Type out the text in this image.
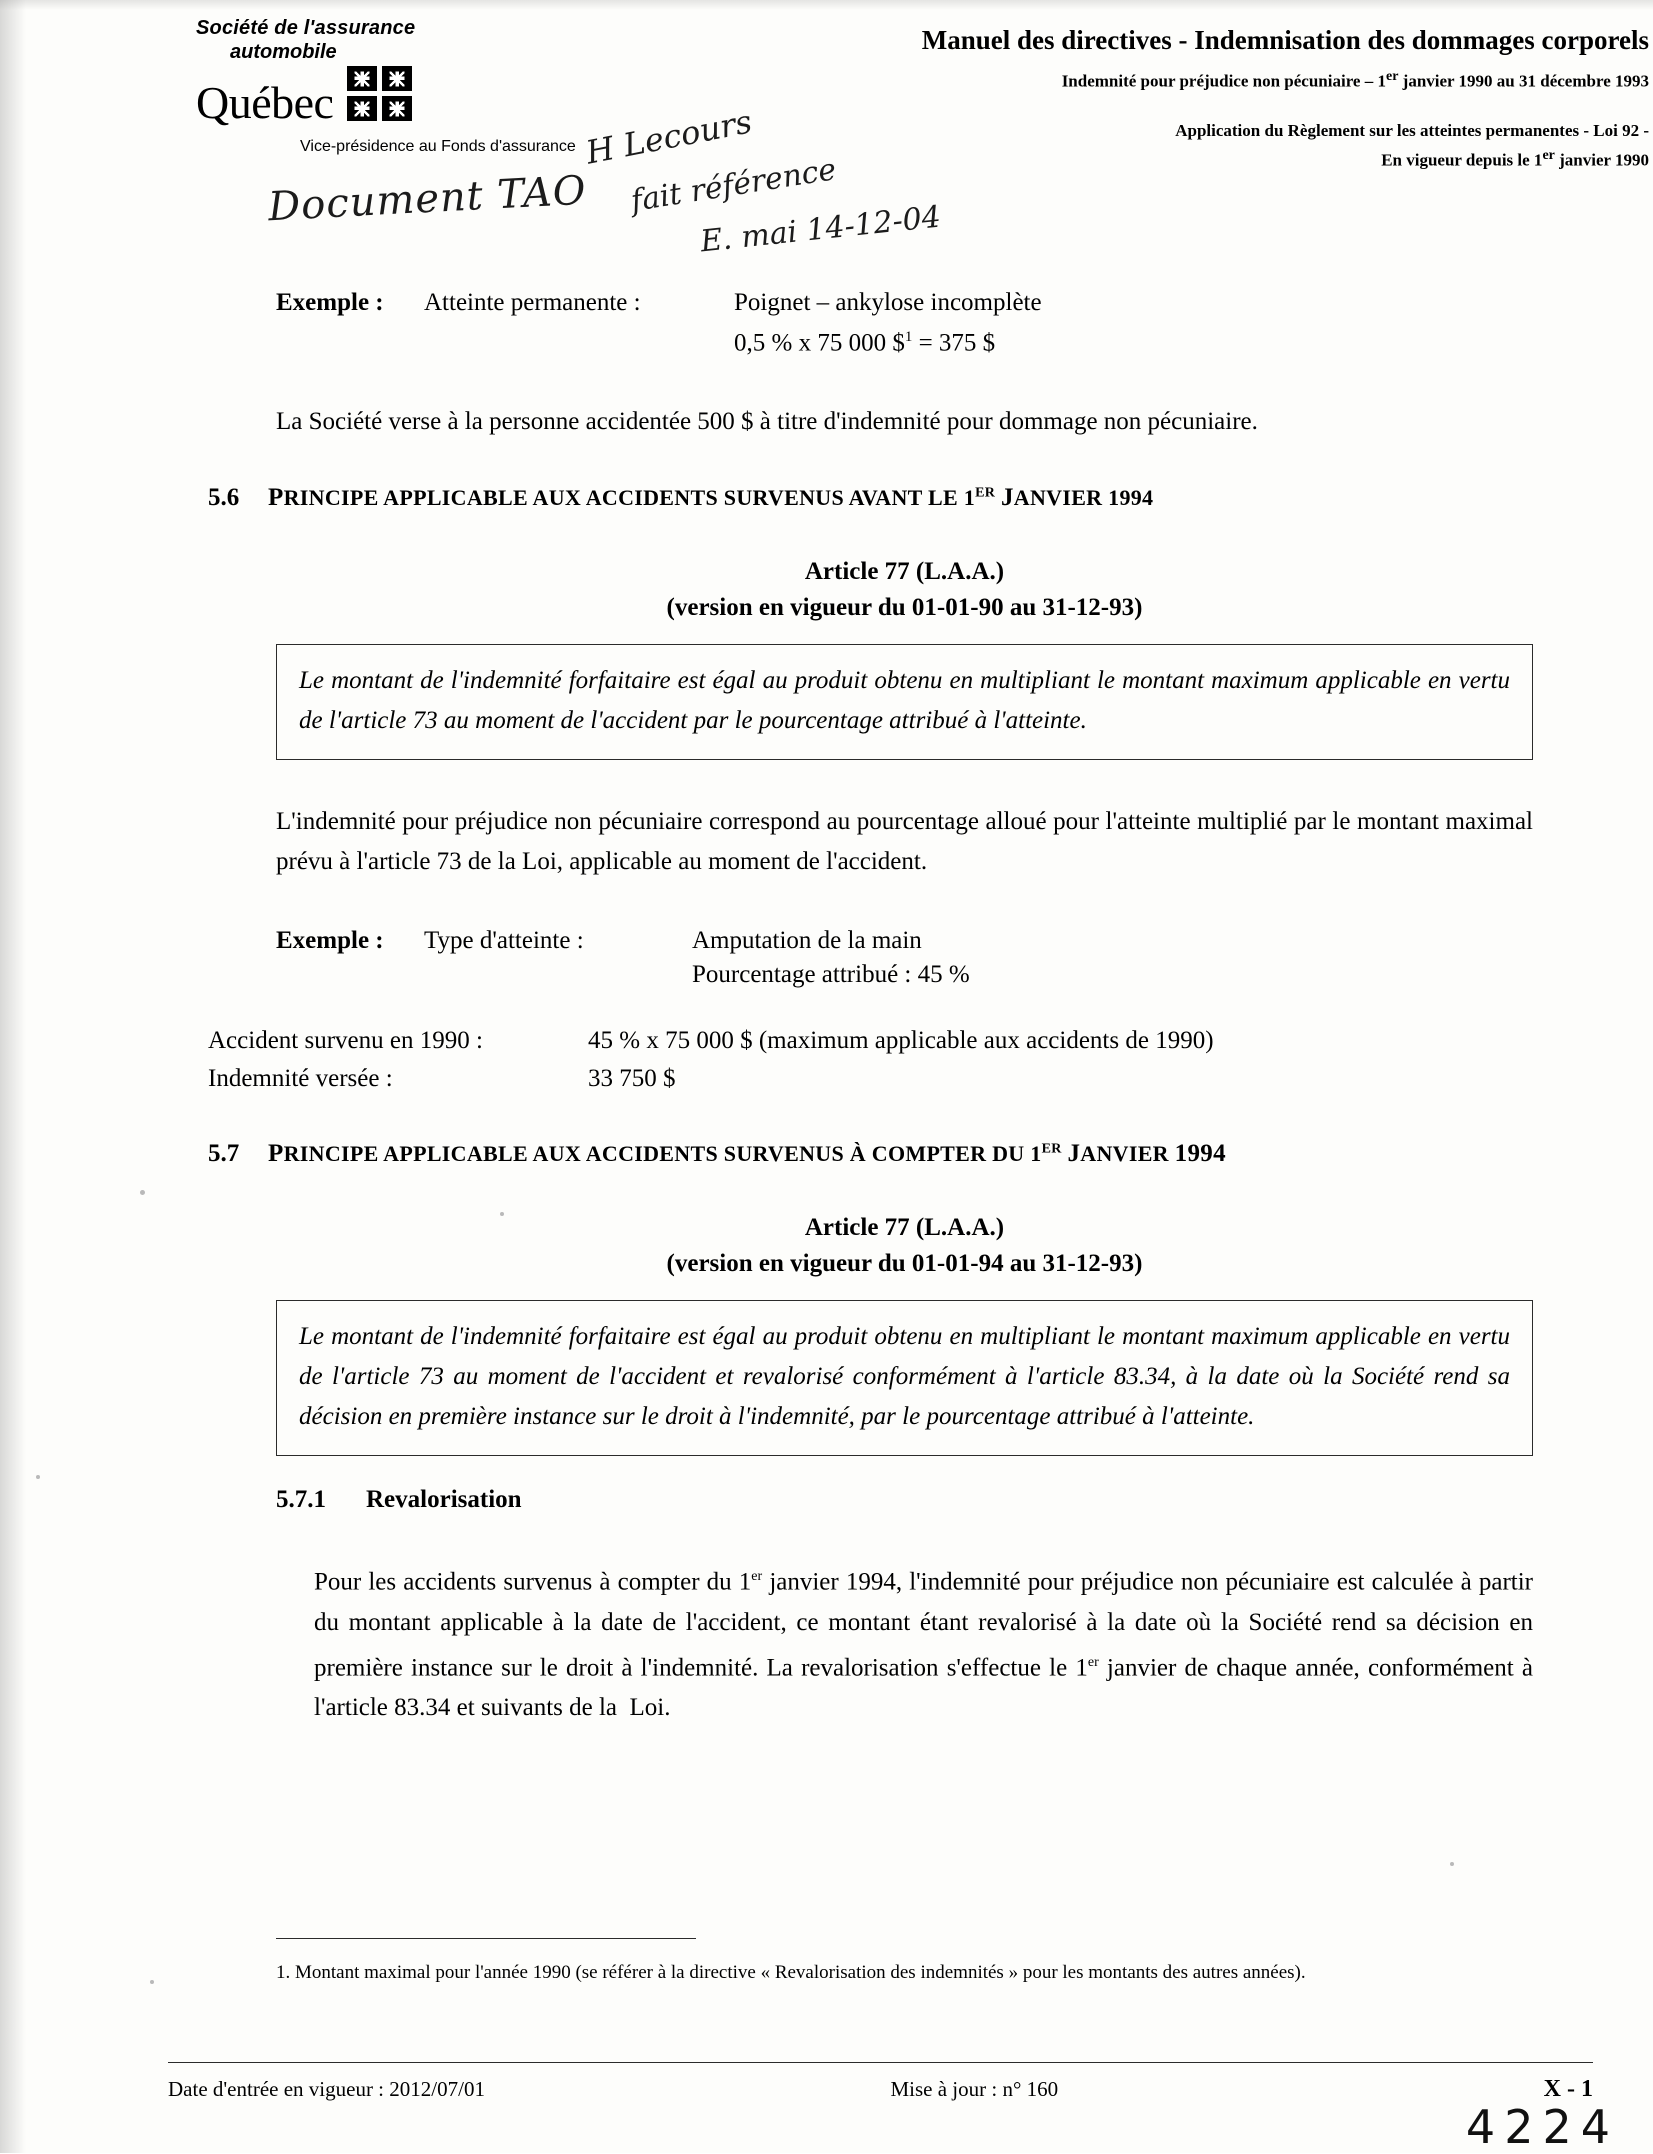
Société de l'assurance
automobile
Québec
Vice-présidence au Fonds d'assurance
Manuel des directives - Indemnisation des dommages corporels
Indemnité pour préjudice non pécuniaire – 1er janvier 1990 au 31 décembre 1993
Application du Règlement sur les atteintes permanentes - Loi 92 -
En vigueur depuis le 1er janvier 1990
Document TAO
H Lecours
fait référence
E. mai 14-12-04
Exemple :	Atteinte permanente :	Poignet – ankylose incomplète
0,5 % x 75 000 \$$^1$ = 375 $

La Société verse à la personne accidentée 500 $ à titre d'indemnité pour dommage non pécuniaire.

5.6	PRINCIPE APPLICABLE AUX ACCIDENTS SURVENUS AVANT LE 1ER JANVIER 1994
Article 77 (L.A.A.)
(version en vigueur du 01-01-90 au 31-12-93)
Le montant de l'indemnité forfaitaire est égal au produit obtenu en multipliant le montant maximum applicable en vertu de l'article 73 au moment de l'accident par le pourcentage attribué à l'atteinte.

L'indemnité pour préjudice non pécuniaire correspond au pourcentage alloué pour l'atteinte multiplié par le montant maximal prévu à l'article 73 de la Loi, applicable au moment de l'accident.

Exemple :	Type d'atteinte :	Amputation de la main
Pourcentage attribué : 45 %
Accident survenu en 1990 :	45 % x 75 000 $ (maximum applicable aux accidents de 1990)
Indemnité versée :	33 750 $
5.7	PRINCIPE APPLICABLE AUX ACCIDENTS SURVENUS À COMPTER DU 1ER JANVIER 1994
Article 77 (L.A.A.)
(version en vigueur du 01-01-94 au 31-12-93)
Le montant de l'indemnité forfaitaire est égal au produit obtenu en multipliant le montant maximum applicable en vertu de l'article 73 au moment de l'accident et revalorisé conformément à l'article 83.34, à la date où la Société rend sa décision en première instance sur le droit à l'indemnité, par le pourcentage attribué à l'atteinte.
5.7.1	Revalorisation

Pour les accidents survenus à compter du 1er janvier 1994, l'indemnité pour préjudice non pécuniaire est calculée à partir du montant applicable à la date de l'accident, ce montant étant revalorisé à la date où la Société rend sa décision en première instance sur le droit à l'indemnité. La revalorisation s'effectue le 1er janvier de chaque année, conformément à l'article 83.34 et suivants de la  Loi.

1. Montant maximal pour l'année 1990 (se référer à la directive « Revalorisation des indemnités » pour les montants des autres années).
Date d'entrée en vigueur : 2012/07/01	Mise à jour : n° 160	X - 1
4224
